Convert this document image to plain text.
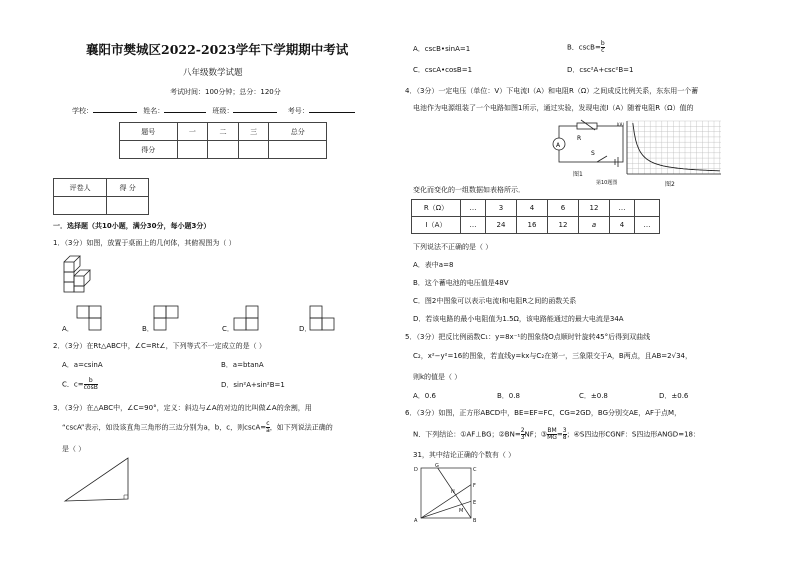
襄阳市樊城区2022-2023学年下学期期中考试
八年级数学试题
考试时间：100分钟；总分：120分
学校：	姓名：	班级：	考号：
题号	一	二	三	总分
得分				
评卷人	得 分

一．选择题（共10小题，满分30分，每小题3分）
1．（3分）如图，放置于桌面上的几何体，其俯视图为（ ）
A．	B．	C．	D．
2．（3分）在Rt△ABC中，∠C=Rt∠，下列等式不一定成立的是（ ）
A．a=csinA	B．a=btanA
C．$c= \frac{b}{\cos B}$	D．sin²A+sin²B=1
3．（3分）在△ABC中，∠C=90°，定义：斜边与∠A的对边的比叫做∠A的余割，用
“cscA”表示，如设该直角三角形的三边分别为a，b，c，则$\csc A= \frac{c}{a}$ ，如下列说法正确的
是（ ）
A．cscB•sinA=1	B．$\csc B= \frac{b}{c}$
C．cscA•cosB=1	D．csc²A+csc²B=1
4．（3分）一定电压（单位：V）下电流I（A）和电阻R（Ω）之间成反比例关系，东东用一个蓄
电池作为电源组装了一个电路如图1所示，通过实验，发现电流I（A）随着电阻R（Ω）值的
R
A
S
图1
I(A)
第10题图	图2
变化而变化的一组数据如表格所示．
R（Ω）	…	3	4	6	12	…	
I（A）	…	24	16	12	a	4	…
下列说法不正确的是（ ）
A．表中a=8
B．这个蓄电池的电压值是48V
C．图2中图象可以表示电流I和电阻R之间的函数关系
D．若该电路的最小电阻值为1.5Ω，该电路能通过的最大电流是34A
5．（3分）把反比例函数C₁：y=8x⁻¹的图象绕O点顺时针旋转45°后得到双曲线
C₂，x²−y²=16的图象，若直线y=kx与C₂在第一，三象限交于A，B两点，且AB=2√34，
则k的值是（ ）
A．0.6	B．0.8	C．±0.8	D．±0.6
6．（3分）如图，正方形ABCD中，BE=EF=FC，CG=2GD，BG分别交AE，AF于点M，
N．下列结论：①AF⊥BG；②BN= $\frac{2}{3}$ NF；③ $\frac{BM}{MG} = \frac{3}{8}$ ；④S四边形CGNF：S四边形ANGD=18：
31，其中结论正确的个数有（ ）
D
G
C
F
N
E
M
A	B
